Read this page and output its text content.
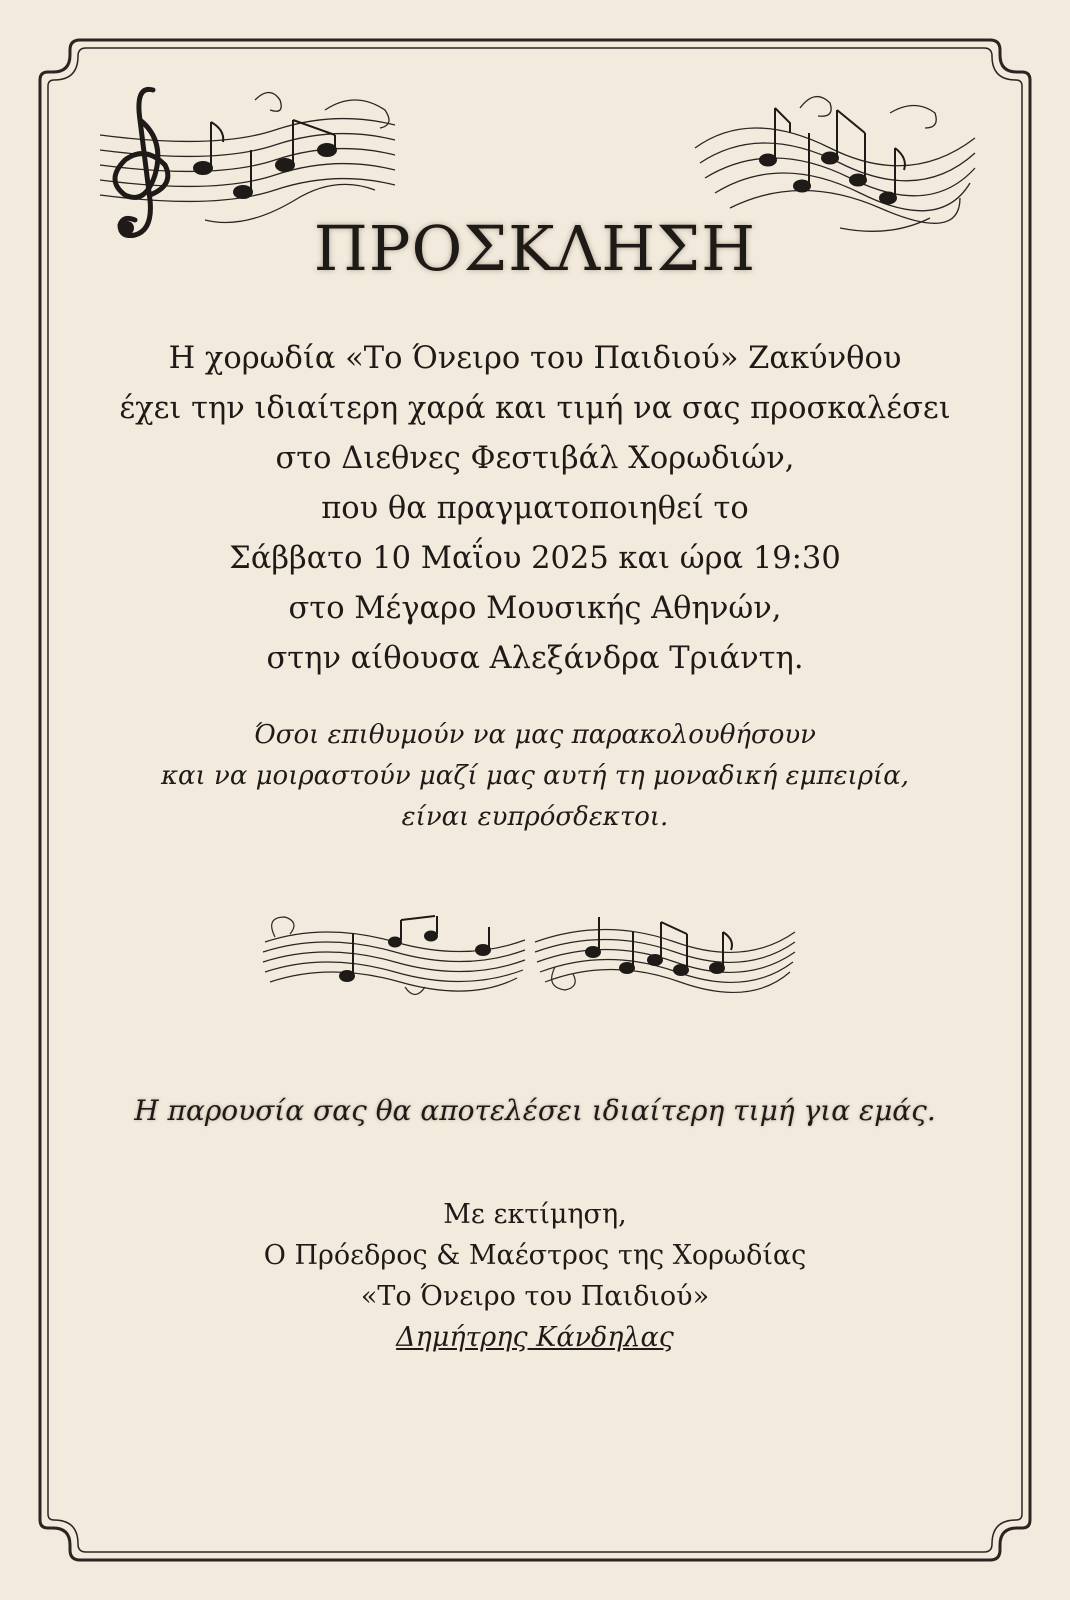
ΠΡΟΣΚΛΗΣΗ
Η χορωδία «Το Όνειρο του Παιδιού» Ζακύνθου
έχει την ιδιαίτερη χαρά και τιμή να σας προσκαλέσει
στο Διεθνες Φεστιβάλ Χορωδιών,
που θα πραγματοποιηθεί το
Σάββατο 10 Μαΐου 2025 και ώρα 19:30
στο Μέγαρο Μουσικής Αθηνών,
στην αίθουσα Αλεξάνδρα Τριάντη.
Όσοι επιθυμούν να μας παρακολουθήσουν
και να μοιραστούν μαζί μας αυτή τη μοναδική εμπειρία,
είναι ευπρόσδεκτοι.
Η παρουσία σας θα αποτελέσει ιδιαίτερη τιμή για εμάς.
Με εκτίμηση,
Ο Πρόεδρος & Μαέστρος της Χορωδίας
«Το Όνειρο του Παιδιού»
Δημήτρης Κάνδηλας
